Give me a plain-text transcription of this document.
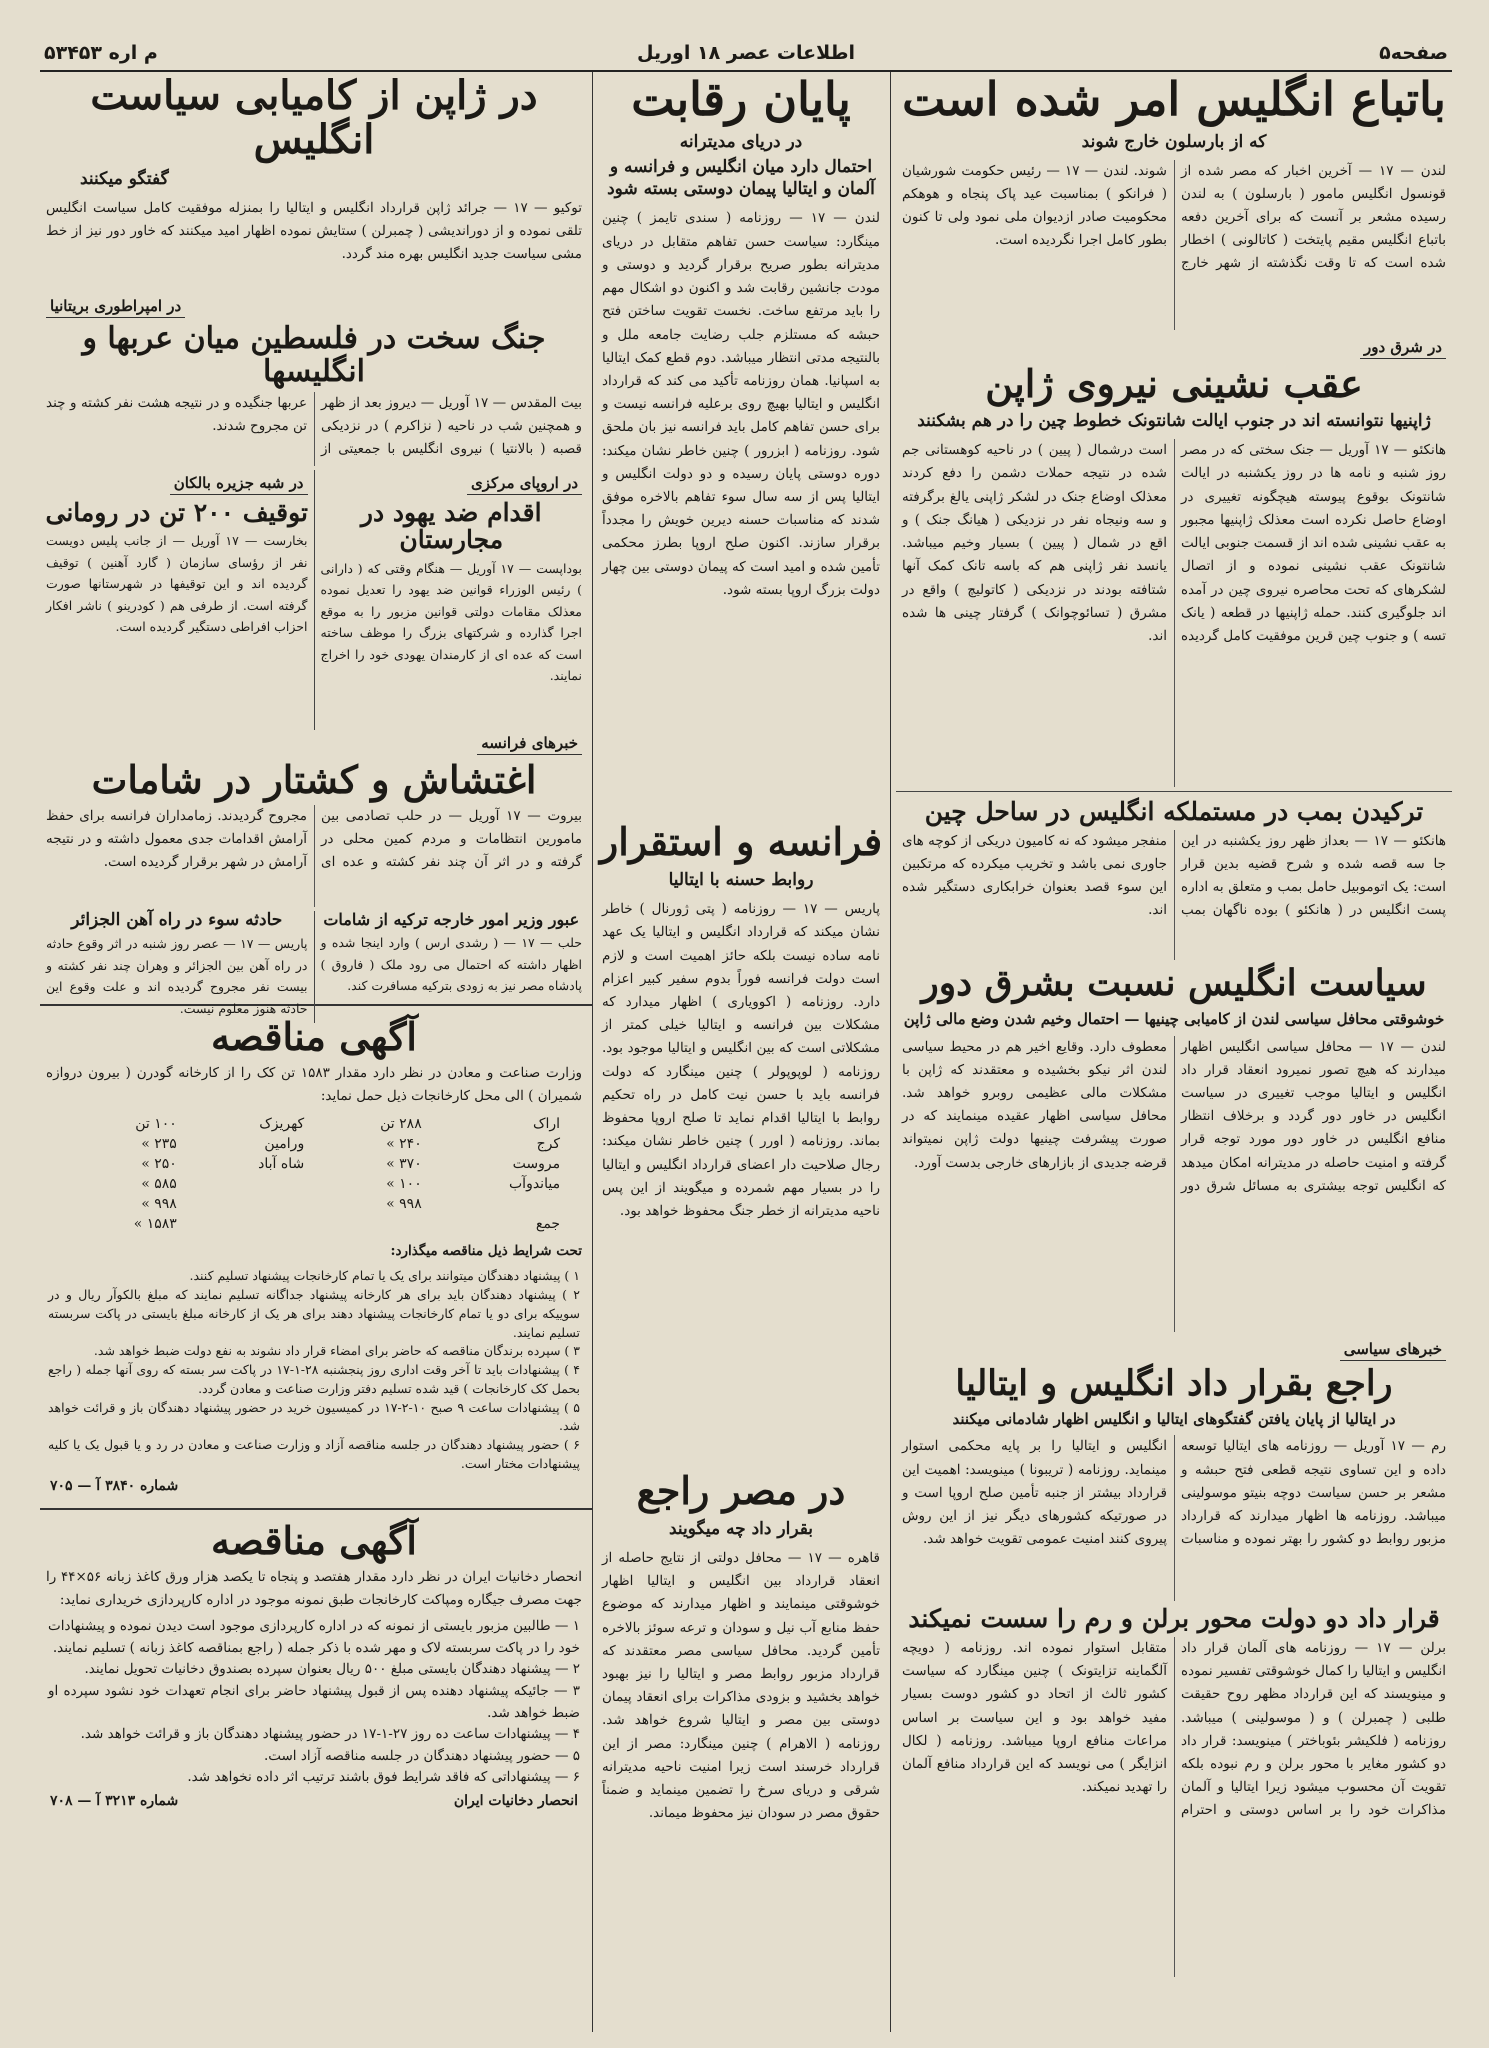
صفحه۵
اطلاعات عصر ۱۸ اوریل
۵م اره ۳۴۵۳
باتباع انگلیس امر شده است
که از بارسلون خارج شوند
لندن — ۱۷ — آخرین اخبار که مصر شده از قونسول انگلیس مامور ( بارسلون ) به لندن رسیده مشعر بر آنست که برای آخرین دفعه باتباع انگلیس مقیم پایتخت ( کاتالونی ) اخطار شده است که تا وقت نگذشته از شهر خارج شوند. لندن — ۱۷ — رئیس حکومت شورشیان ( فرانکو ) بمناسبت عید پاک پنجاه و هوهکم محکومیت صادر ازدیوان ملی نمود ولی تا کنون بطور کامل اجرا نگردیده است.
در شرق دور
عقب نشینی نیروی ژاپن
ژاپنیها نتوانسته اند در جنوب ایالت شانتونک خطوط چین را در هم بشکنند
هانکئو — ۱۷ آوریل — جنک سختی که در مصر روز شنبه و نامه ها در روز یکشنبه در ایالت شانتونک بوقوع پیوسته هیچگونه تغییری در اوضاع حاصل نکرده است معذلک ژاپنیها مجبور به عقب نشینی شده اند از قسمت جنوبی ایالت شانتونک عقب نشینی نموده و از اتصال لشکرهای که تحت محاصره نیروی چین در آمده اند جلوگیری کنند. حمله ژاپنیها در قطعه ( یانک تسه ) و جنوب چین قرین موفقیت کامل گردیده است درشمال ( پیین ) در ناحیه کوهستانی جم شده در نتیجه حملات دشمن را دفع کردند معذلک اوضاع جنک در لشکر ژاپنی یالغ برگرفته و سه ونیجاه نفر در نزدیکی ( هیانگ جنک ) و اقع در شمال ( پیین ) بسیار وخیم میباشد. یانسد نفر ژاپنی هم که باسه تانک کمک آنها شتافته بودند در نزدیکی ( کاتولیچ ) واقع در مشرق ( تسائوچوانک ) گرفتار چینی ها شده اند.
ترکیدن بمب در مستملکه انگلیس در ساحل چین
هانکئو — ۱۷ — بعداز ظهر روز یکشنبه در این جا سه قصه شده و شرح قضیه بدین قرار است: یک اتوموبیل حامل بمب و متعلق به اداره پست انگلیس در ( هانکئو ) بوده ناگهان بمب منفجر میشود که نه کامیون دریکی از کوچه های جاوری نمی باشد و تخریب میکرده که مرتکبین این سوء قصد بعنوان خرابکاری دستگیر شده اند.
سیاست انگلیس نسبت بشرق دور
خوشوقتی محافل سیاسی لندن از کامیابی چینیها — احتمال وخیم شدن وضع مالی ژاپن
لندن — ۱۷ — محافل سیاسی انگلیس اظهار میدارند که هیچ تصور نمیرود انعقاد قرار داد انگلیس و ایتالیا موجب تغییری در سیاست انگلیس در خاور دور گردد و برخلاف انتظار منافع انگلیس در خاور دور مورد توجه قرار گرفته و امنیت حاصله در مدیترانه امکان میدهد که انگلیس توجه بیشتری به مسائل شرق دور معطوف دارد. وقایع اخیر هم در محیط سیاسی لندن اثر نیکو بخشیده و معتقدند که ژاپن با مشکلات مالی عظیمی روبرو خواهد شد. محافل سیاسی اظهار عقیده مینمایند که در صورت پیشرفت چینیها دولت ژاپن نمیتواند قرضه جدیدی از بازارهای خارجی بدست آورد.
خبرهای سیاسی
راجع بقرار داد انگلیس و ایتالیا
در ایتالیا از پایان یافتن گفتگوهای ایتالیا و انگلیس اظهار شادمانی میکنند
رم — ۱۷ آوریل — روزنامه های ایتالیا توسعه داده و این تساوی نتیجه قطعی فتح حبشه و مشعر بر حسن سیاست دوچه بنیتو موسولینی میباشد. روزنامه ها اظهار میدارند که قرارداد مزبور روابط دو کشور را بهتر نموده و مناسبات انگلیس و ایتالیا را بر پایه محکمی استوار مینماید. روزنامه ( تریبونا ) مینویسد: اهمیت این قرارداد بیشتر از جنبه تأمین صلح اروپا است و در صورتیکه کشورهای دیگر نیز از این روش پیروی کنند امنیت عمومی تقویت خواهد شد.
قرار داد دو دولت محور برلن و رم را سست نمیکند
برلن — ۱۷ — روزنامه های آلمان قرار داد انگلیس و ایتالیا را کمال خوشوقتی تفسیر نموده و مینویسند که این قرارداد مظهر روح حقیقت طلبی ( چمبرلن ) و ( موسولینی ) میباشد. روزنامه ( فلکیشر بئوباختر ) مینویسد: قرار داد دو کشور مغایر با محور برلن و رم نبوده بلکه تقویت آن محسوب میشود زیرا ایتالیا و آلمان مذاکرات خود را بر اساس دوستی و احترام متقابل استوار نموده اند. روزنامه ( دویچه آلگماینه تزایتونک ) چنین مینگارد که سیاست کشور ثالث از اتحاد دو کشور دوست بسیار مفید خواهد بود و این سیاست بر اساس مراعات منافع اروپا میباشد. روزنامه ( لکال انزایگر ) می نویسد که این قرارداد منافع آلمان را تهدید نمیکند.
پایان رقابت
در دریای مدیترانه
احتمال دارد میان انگلیس و فرانسه و آلمان و ایتالیا پیمان دوستی بسته شود
لندن — ۱۷ — روزنامه ( سندی تایمز ) چنین مینگارد: سیاست حسن تفاهم متقابل در دریای مدیترانه بطور صریح برقرار گردید و دوستی و مودت جانشین رقابت شد و اکنون دو اشکال مهم را باید مرتفع ساخت. نخست تقویت ساختن فتح حبشه که مستلزم جلب رضایت جامعه ملل و بالنتیجه مدتی انتظار میباشد. دوم قطع کمک ایتالیا به اسپانیا. همان روزنامه تأکید می کند که قرارداد انگلیس و ایتالیا بهیچ روی برعلیه فرانسه نیست و برای حسن تفاهم کامل باید فرانسه نیز بان ملحق شود. روزنامه ( ابزرور ) چنین خاطر نشان میکند: دوره دوستی پایان رسیده و دو دولت انگلیس و ایتالیا پس از سه سال سوء تفاهم بالاخره موفق شدند که مناسبات حسنه دیرین خویش را مجدداً برقرار سازند. اکنون صلح اروپا بطرز محکمی تأمین شده و امید است که پیمان دوستی بین چهار دولت بزرگ اروپا بسته شود.
فرانسه و استقرار
روابط حسنه با ایتالیا
پاریس — ۱۷ — روزنامه ( پتی ژورنال ) خاطر نشان میکند که قرارداد انگلیس و ایتالیا یک عهد نامه ساده نیست بلکه حائز اهمیت است و لازم است دولت فرانسه فوراً بدوم سفیر کبیر اعزام دارد. روزنامه ( اکوویاری ) اظهار میدارد که مشکلات بین فرانسه و ایتالیا خیلی کمتر از مشکلاتی است که بین انگلیس و ایتالیا موجود بود. روزنامه ( لوپوپولر ) چنین مینگارد که دولت فرانسه باید با حسن نیت کامل در راه تحکیم روابط با ایتالیا اقدام نماید تا صلح اروپا محفوظ بماند. روزنامه ( اورر ) چنین خاطر نشان میکند: رجال صلاحیت دار اعضای قرارداد انگلیس و ایتالیا را در بسیار مهم شمرده و میگویند از این پس ناحیه مدیترانه از خطر جنگ محفوظ خواهد بود.
در مصر راجع
بقرار داد چه میگویند
قاهره — ۱۷ — محافل دولتی از نتایج حاصله از انعقاد قرارداد بین انگلیس و ایتالیا اظهار خوشوقتی مینمایند و اظهار میدارند که موضوع حفظ منابع آب نیل و سودان و ترعه سوئز بالاخره تأمین گردید. محافل سیاسی مصر معتقدند که قرارداد مزبور روابط مصر و ایتالیا را نیز بهبود خواهد بخشید و بزودی مذاکرات برای انعقاد پیمان دوستی بین مصر و ایتالیا شروع خواهد شد. روزنامه ( الاهرام ) چنین مینگارد: مصر از این قرارداد خرسند است زیرا امنیت ناحیه مدیترانه شرقی و دریای سرخ را تضمین مینماید و ضمناً حقوق مصر در سودان نیز محفوظ میماند.
در ژاپن از کامیابی سیاست انگلیس
گفتگو میکنند
توکیو — ۱۷ — جرائد ژاپن قرارداد انگلیس و ایتالیا را بمنزله موفقیت کامل سیاست انگلیس تلقی نموده و از دوراندیشی ( چمبرلن ) ستایش نموده اظهار امید میکنند که خاور دور نیز از خط مشی سیاست جدید انگلیس بهره مند گردد.
در امپراطوری بریتانیا
جنگ سخت در فلسطین میان عربها و انگلیسها
بیت المقدس — ۱۷ آوریل — دیروز بعد از ظهر و همچنین شب در ناحیه ( نزاکرم ) در نزدیکی قصبه ( بالانتیا ) نیروی انگلیس با جمعیتی از عربها جنگیده و در نتیجه هشت نفر کشته و چند تن مجروح شدند.
در اروپای مرکزی
اقدام ضد یهود در مجارستان
بوداپست — ۱۷ آوریل — هنگام وقتی که ( دارانی ) رئیس الوزراء قوانین ضد یهود را تعدیل نموده معذلک مقامات دولتی قوانین مزبور را به موقع اجرا گذارده و شرکتهای بزرگ را موظف ساخته است که عده ای از کارمندان یهودی خود را اخراج نمایند.
در شبه جزیره بالکان
توقیف ۲۰۰ تن در رومانی
بخارست — ۱۷ آوریل — از جانب پلیس دویست نفر از رؤسای سازمان ( گارد آهنین ) توقیف گردیده اند و این توقیفها در شهرستانها صورت گرفته است. از طرفی هم ( کودرینو ) ناشر افکار احزاب افراطی دستگیر گردیده است.
خبرهای فرانسه
اغتشاش و کشتار در شامات
بیروت — ۱۷ آوریل — در حلب تصادمی بین مامورین انتظامات و مردم کمین محلی در گرفته و در اثر آن چند نفر کشته و عده ای مجروح گردیدند. زمامداران فرانسه برای حفظ آرامش اقدامات جدی معمول داشته و در نتیجه آرامش در شهر برقرار گردیده است.
عبور وزیر امور خارجه ترکیه از شامات
حلب — ۱۷ — ( رشدی ارس ) وارد اینجا شده و اظهار داشته که احتمال می رود ملک ( فاروق ) پادشاه مصر نیز به زودی بترکیه مسافرت کند.
حادثه سوء در راه آهن الجزائر
پاریس — ۱۷ — عصر روز شنبه در اثر وقوع حادثه در راه آهن بین الجزائر و وهران چند نفر کشته و بیست نفر مجروح گردیده اند و علت وقوع این حادثه هنوز معلوم نیست.
آگهی مناقصه
وزارت صناعت و معادن در نظر دارد مقدار ۱۵۸۳ تن کک را از کارخانه گودرن ( بیرون دروازه شمیران ) الی محل کارخانجات ذیل حمل نماید:
اراک	۲۸۸ تن	کهریزک	۱۰۰ تن
کرج	۲۴۰ »	ورامین	۲۳۵ »
مروست	۳۷۰ »	شاه آباد	۲۵۰ »
میاندوآب	۱۰۰ »		۵۸۵ »
	۹۹۸ »		۹۹۸ »
جمع			۱۵۸۳ »
تحت شرایط ذیل مناقصه میگذارد:
۱ ) پیشنهاد دهندگان میتوانند برای یک یا تمام کارخانجات پیشنهاد تسلیم کنند.
۲ ) پیشنهاد دهندگان باید برای هر کارخانه پیشنهاد جداگانه تسلیم نمایند که مبلغ بالکوآر ریال و در سوییکه برای دو یا تمام کارخانجات پیشنهاد دهند برای هر یک از کارخانه مبلغ بایستی در پاکت سربسته تسلیم نمایند.
۳ ) سپرده برندگان مناقصه که حاضر برای امضاء قرار داد نشوند به نفع دولت ضبط خواهد شد.
۴ ) پیشنهادات باید تا آخر وقت اداری روز پنجشنبه ۲۸-۱-۱۷ در پاکت سر بسته که روی آنها جمله ( راجع بحمل کک کارخانجات ) قید شده تسلیم دفتر وزارت صناعت و معادن گردد.
۵ ) پیشنهادات ساعت ۹ صبح ۱۰-۲-۱۷ در کمیسیون خرید در حضور پیشنهاد دهندگان باز و قرائت خواهد شد.
۶ ) حضور پیشنهاد دهندگان در جلسه مناقصه آزاد و وزارت صناعت و معادن در رد و یا قبول یک یا کلیه پیشنهادات مختار است.
شماره ۳۸۴۰ آ — ۷۰۵
آگهی مناقصه
انحصار دخانیات ایران در نظر دارد مقدار هفتصد و پنجاه تا یکصد هزار ورق کاغذ زبانه ۵۶×۴۴ را جهت مصرف جیگاره ومپاکت کارخانجات طبق نمونه موجود در اداره کارپردازی خریداری نماید:
۱ — طالبین مزبور بایستی از نمونه که در اداره کارپردازی موجود است دیدن نموده و پیشنهادات خود را در پاکت سربسته لاک و مهر شده با ذکر جمله ( راجع بمناقصه کاغذ زبانه ) تسلیم نمایند.
۲ — پیشنهاد دهندگان بایستی مبلغ ۵۰۰ ریال بعنوان سپرده بصندوق دخانیات تحویل نمایند.
۳ — جائیکه پیشنهاد دهنده پس از قبول پیشنهاد حاضر برای انجام تعهدات خود نشود سپرده او ضبط خواهد شد.
۴ — پیشنهادات ساعت ده روز ۲۷-۱-۱۷ در حضور پیشنهاد دهندگان باز و قرائت خواهد شد.
۵ — حضور پیشنهاد دهندگان در جلسه مناقصه آزاد است.
۶ — پیشنهاداتی که فاقد شرایط فوق باشند ترتیب اثر داده نخواهد شد.
انحصار دخانیات ایران
شماره ۳۲۱۳ آ — ۷۰۸
